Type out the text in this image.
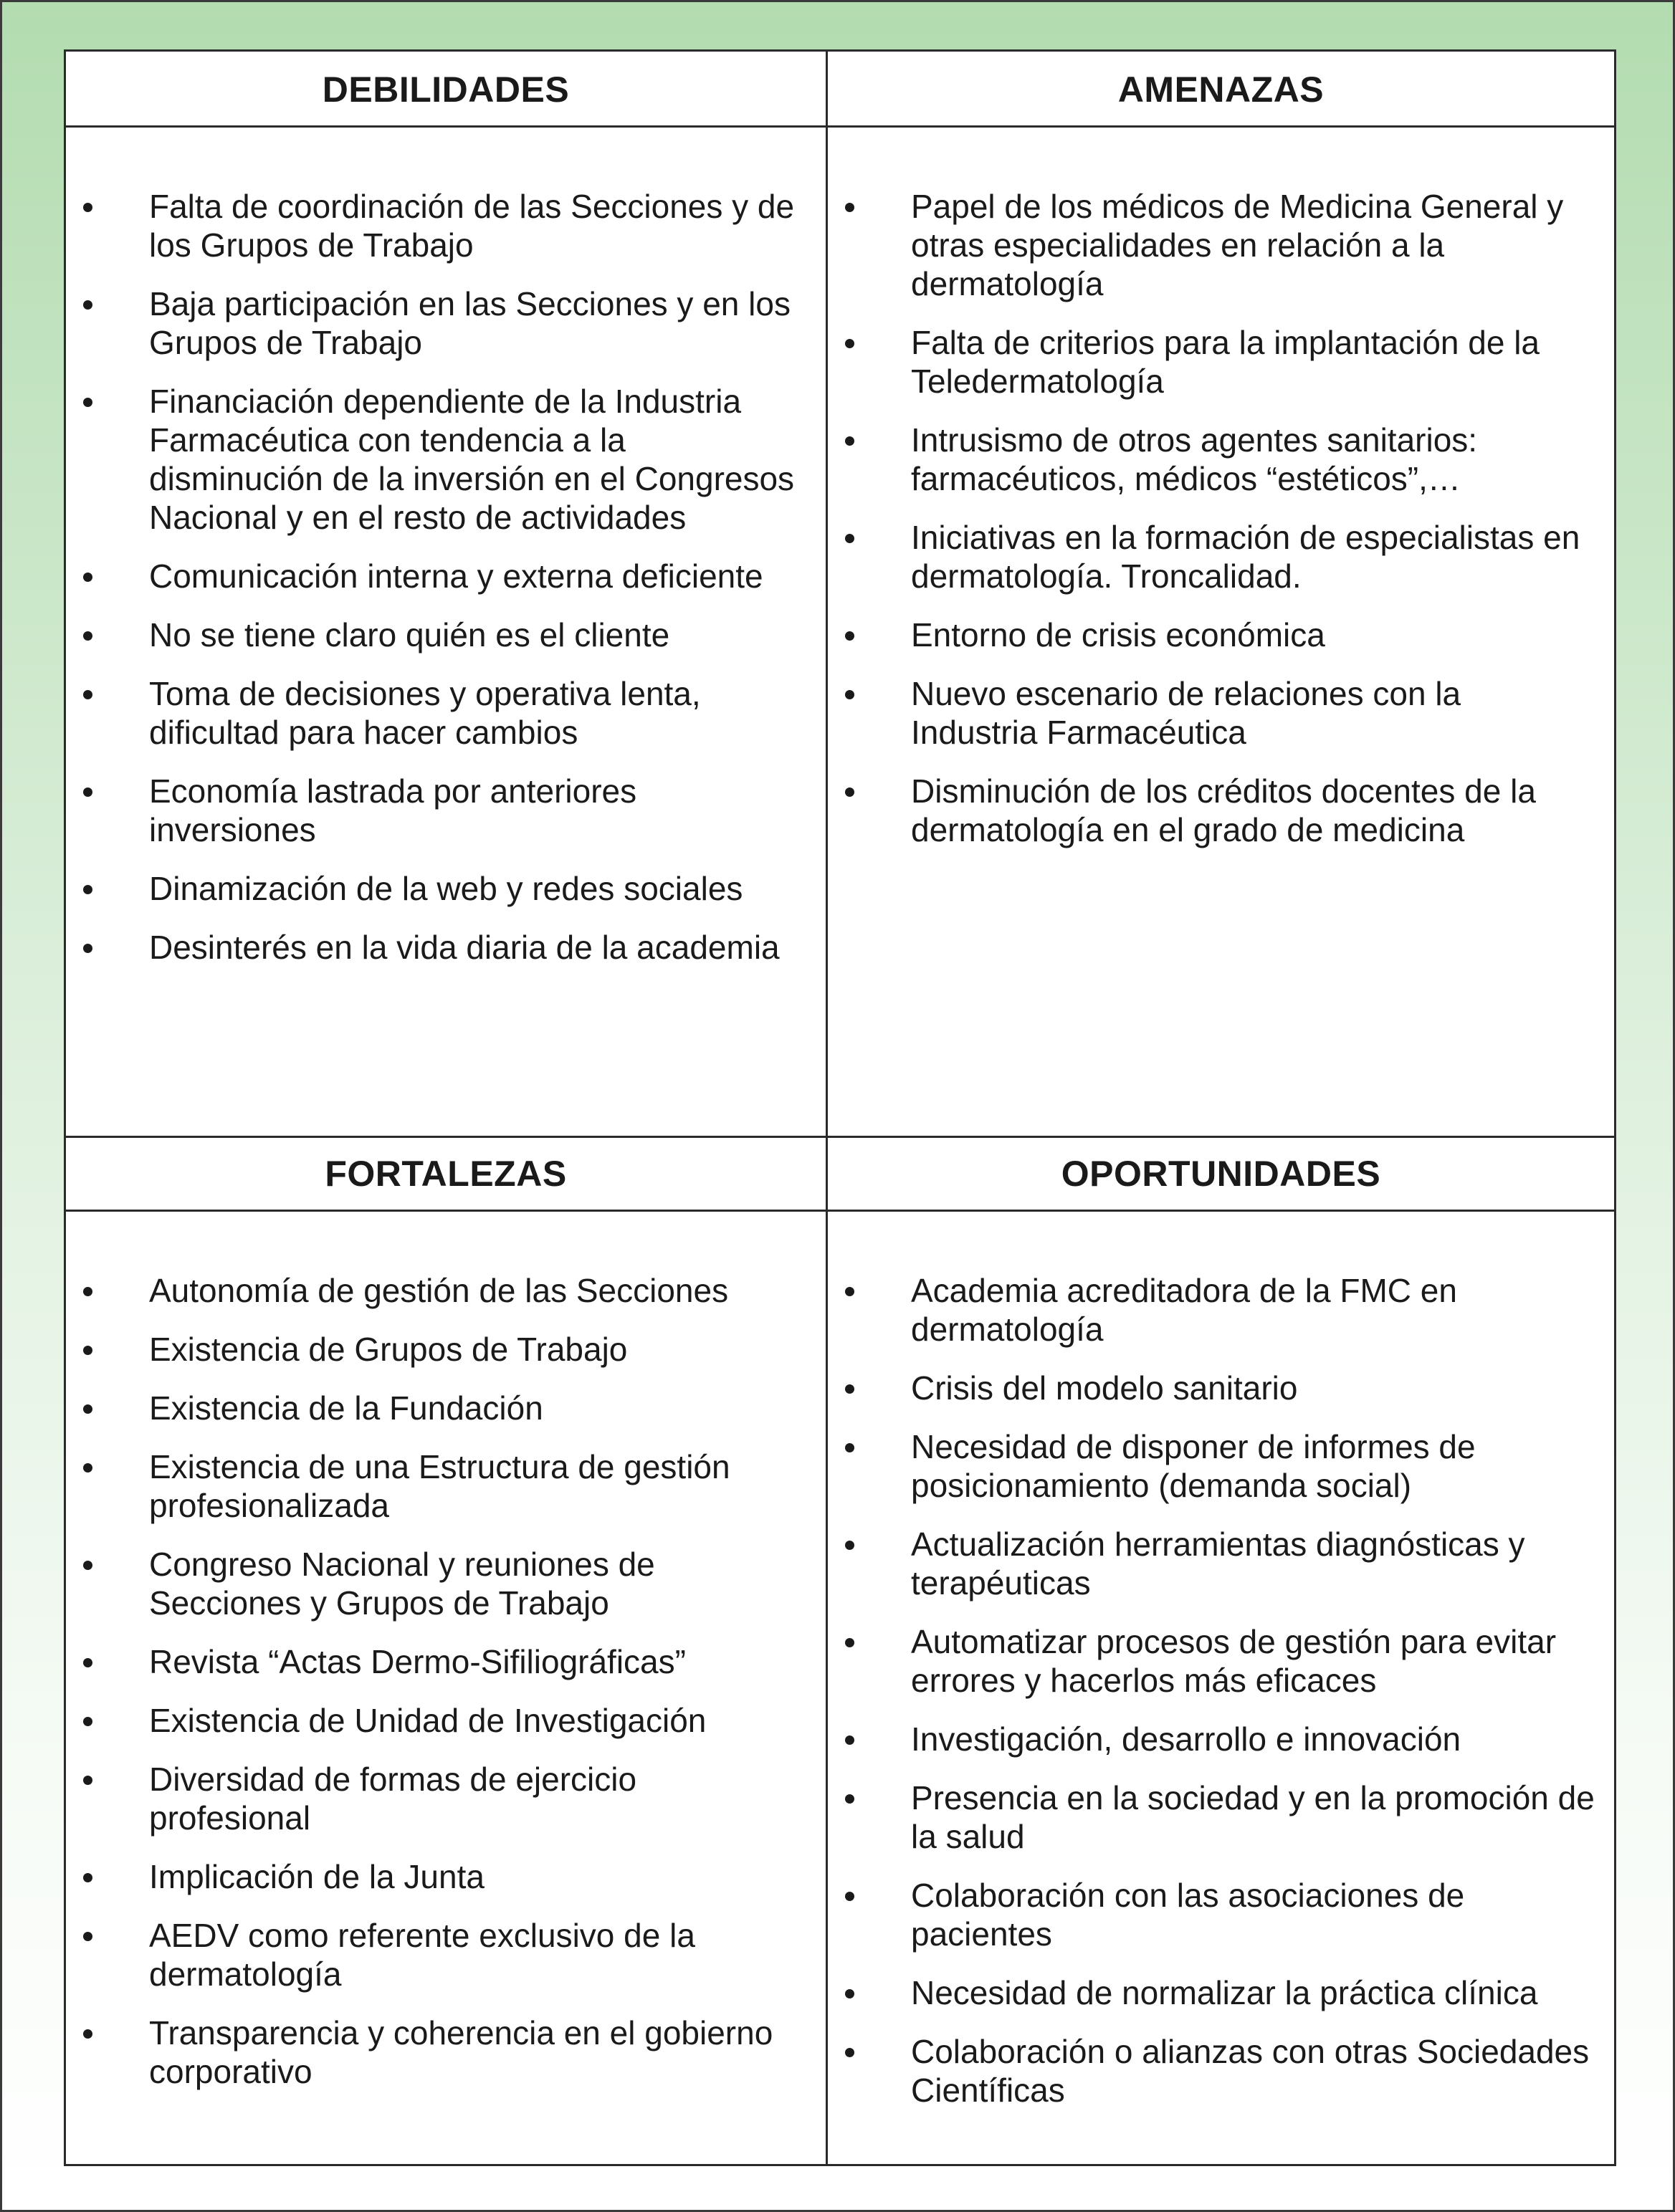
DEBILIDADES	AMENAZAS
FORTALEZAS	OPORTUNIDADES
Falta de coordinación de las Secciones y de los Grupos de Trabajo
Baja participación en las Secciones y en los Grupos de Trabajo
Financiación dependiente de la Industria Farmacéutica con tendencia a la disminución de la inversión en el Congresos Nacional y en el resto de actividades
Comunicación interna y externa deficiente
No se tiene claro quién es el cliente
Toma de decisiones y operativa lenta, dificultad para hacer cambios
Economía lastrada por anteriores inversiones
Dinamización de la web y redes sociales
Desinterés en la vida diaria de la academia
Papel de los médicos de Medicina General y otras especialidades en relación a la dermatología
Falta de criterios para la implantación de la Teledermatología
Intrusismo de otros agentes sanitarios: farmacéuticos, médicos “estéticos”,…
Iniciativas en la formación de especialistas en dermatología. Troncalidad.
Entorno de crisis económica
Nuevo escenario de relaciones con la Industria Farmacéutica
Disminución de los créditos docentes de la dermatología en el grado de medicina
Autonomía de gestión de las Secciones
Existencia de Grupos de Trabajo
Existencia de la Fundación
Existencia de una Estructura de gestión profesionalizada
Congreso Nacional y reuniones de Secciones y Grupos de Trabajo
Revista “Actas Dermo-Sifiliográficas”
Existencia de Unidad de Investigación
Diversidad de formas de ejercicio profesional
Implicación de la Junta
AEDV como referente exclusivo de la dermatología
Transparencia y coherencia en el gobierno corporativo
Academia acreditadora de la FMC en dermatología
Crisis del modelo sanitario
Necesidad de disponer de informes de posicionamiento (demanda social)
Actualización herramientas diagnósticas y terapéuticas
Automatizar procesos de gestión para evitar errores y hacerlos más eficaces
Investigación, desarrollo e innovación
Presencia en la sociedad y en la promoción de la salud
Colaboración con las asociaciones de pacientes
Necesidad de normalizar la práctica clínica
Colaboración o alianzas con otras Sociedades Científicas
